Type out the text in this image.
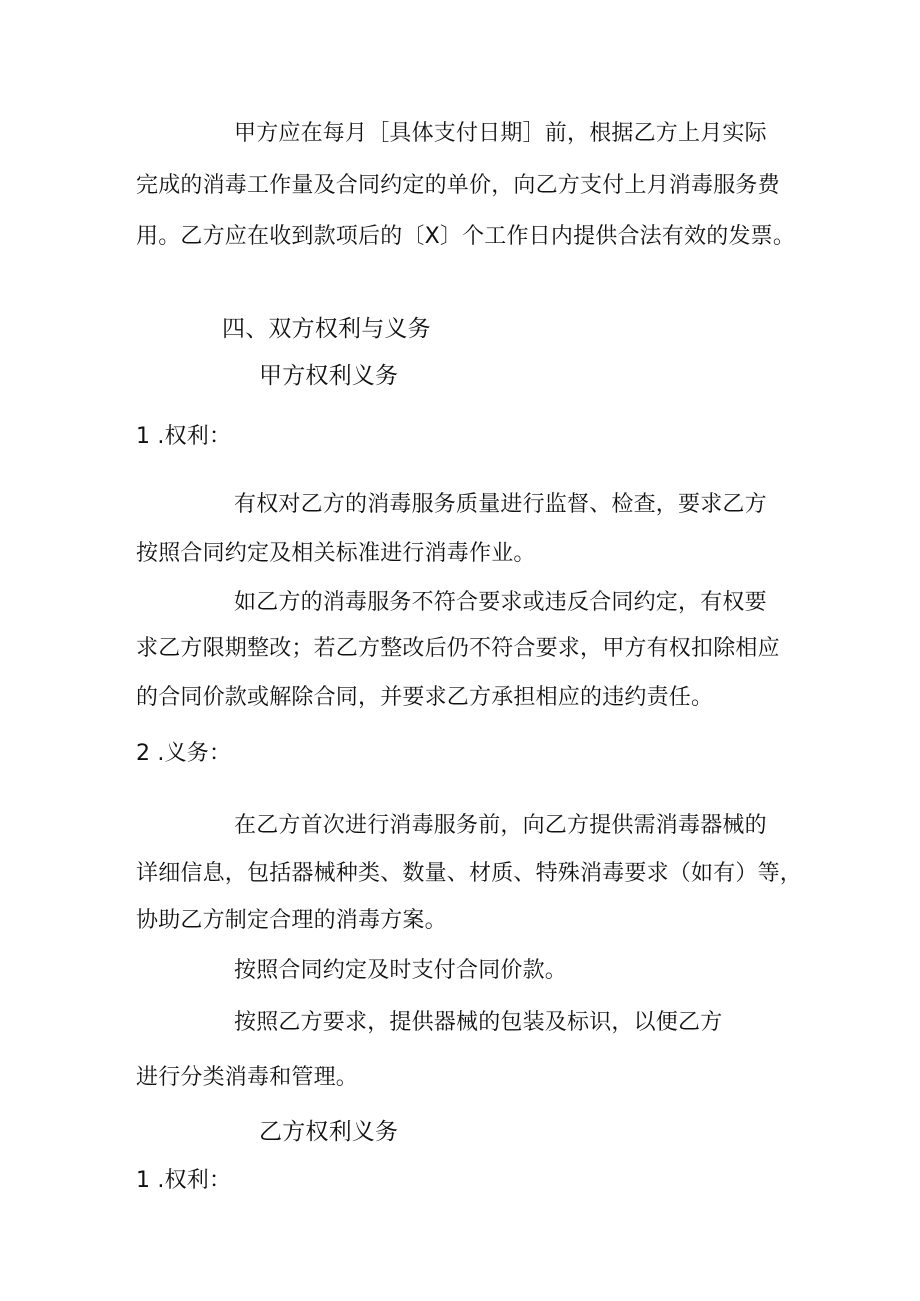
甲方应在每月［具体支付日期］前，根据乙方上月实际
完成的消毒工作量及合同约定的单价，向乙方支付上月消毒服务费
用。乙方应在收到款项后的〔X〕个工作日内提供合法有效的发票。
四、双方权利与义务
甲方权利义务
1 .权利：
有权对乙方的消毒服务质量进行监督、检查，要求乙方
按照合同约定及相关标准进行消毒作业。
如乙方的消毒服务不符合要求或违反合同约定，有权要
求乙方限期整改；若乙方整改后仍不符合要求，甲方有权扣除相应
的合同价款或解除合同，并要求乙方承担相应的违约责任。
2 .义务：
在乙方首次进行消毒服务前，向乙方提供需消毒器械的
详细信息，包括器械种类、数量、材质、特殊消毒要求（如有）等，
协助乙方制定合理的消毒方案。
按照合同约定及时支付合同价款。
按照乙方要求，提供器械的包装及标识，以便乙方
进行分类消毒和管理。
乙方权利义务
1 .权利：
